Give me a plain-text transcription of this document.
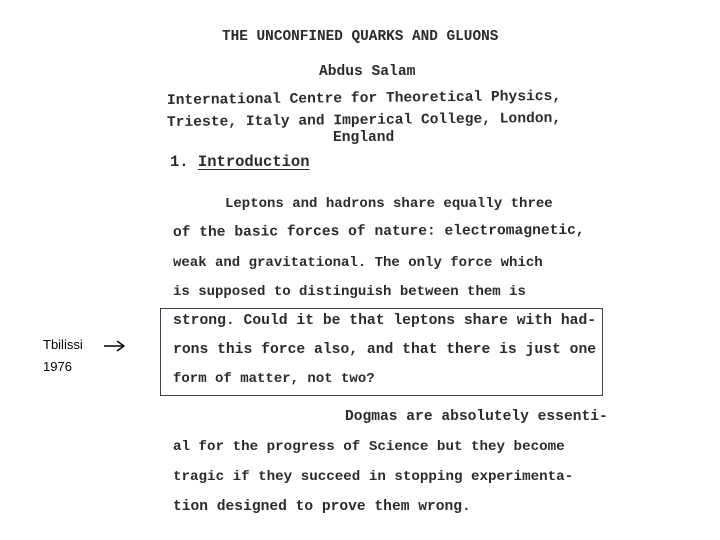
THE UNCONFINED QUARKS AND GLUONS
Abdus Salam
International Centre for Theoretical Physics,
Trieste, Italy and Imperical College, London,
England
1. Introduction
Leptons and hadrons share equally three
of the basic forces of nature: electromagnetic,
weak and gravitational. The only force which
is supposed to distinguish between them is
strong. Could it be that leptons share with had-
rons this force also, and that there is just one
form of matter, not two?
Dogmas are absolutely essenti-
al for the progress of Science but they become
tragic if they succeed in stopping experimenta-
tion designed to prove them wrong.
Tbilissi
1976
